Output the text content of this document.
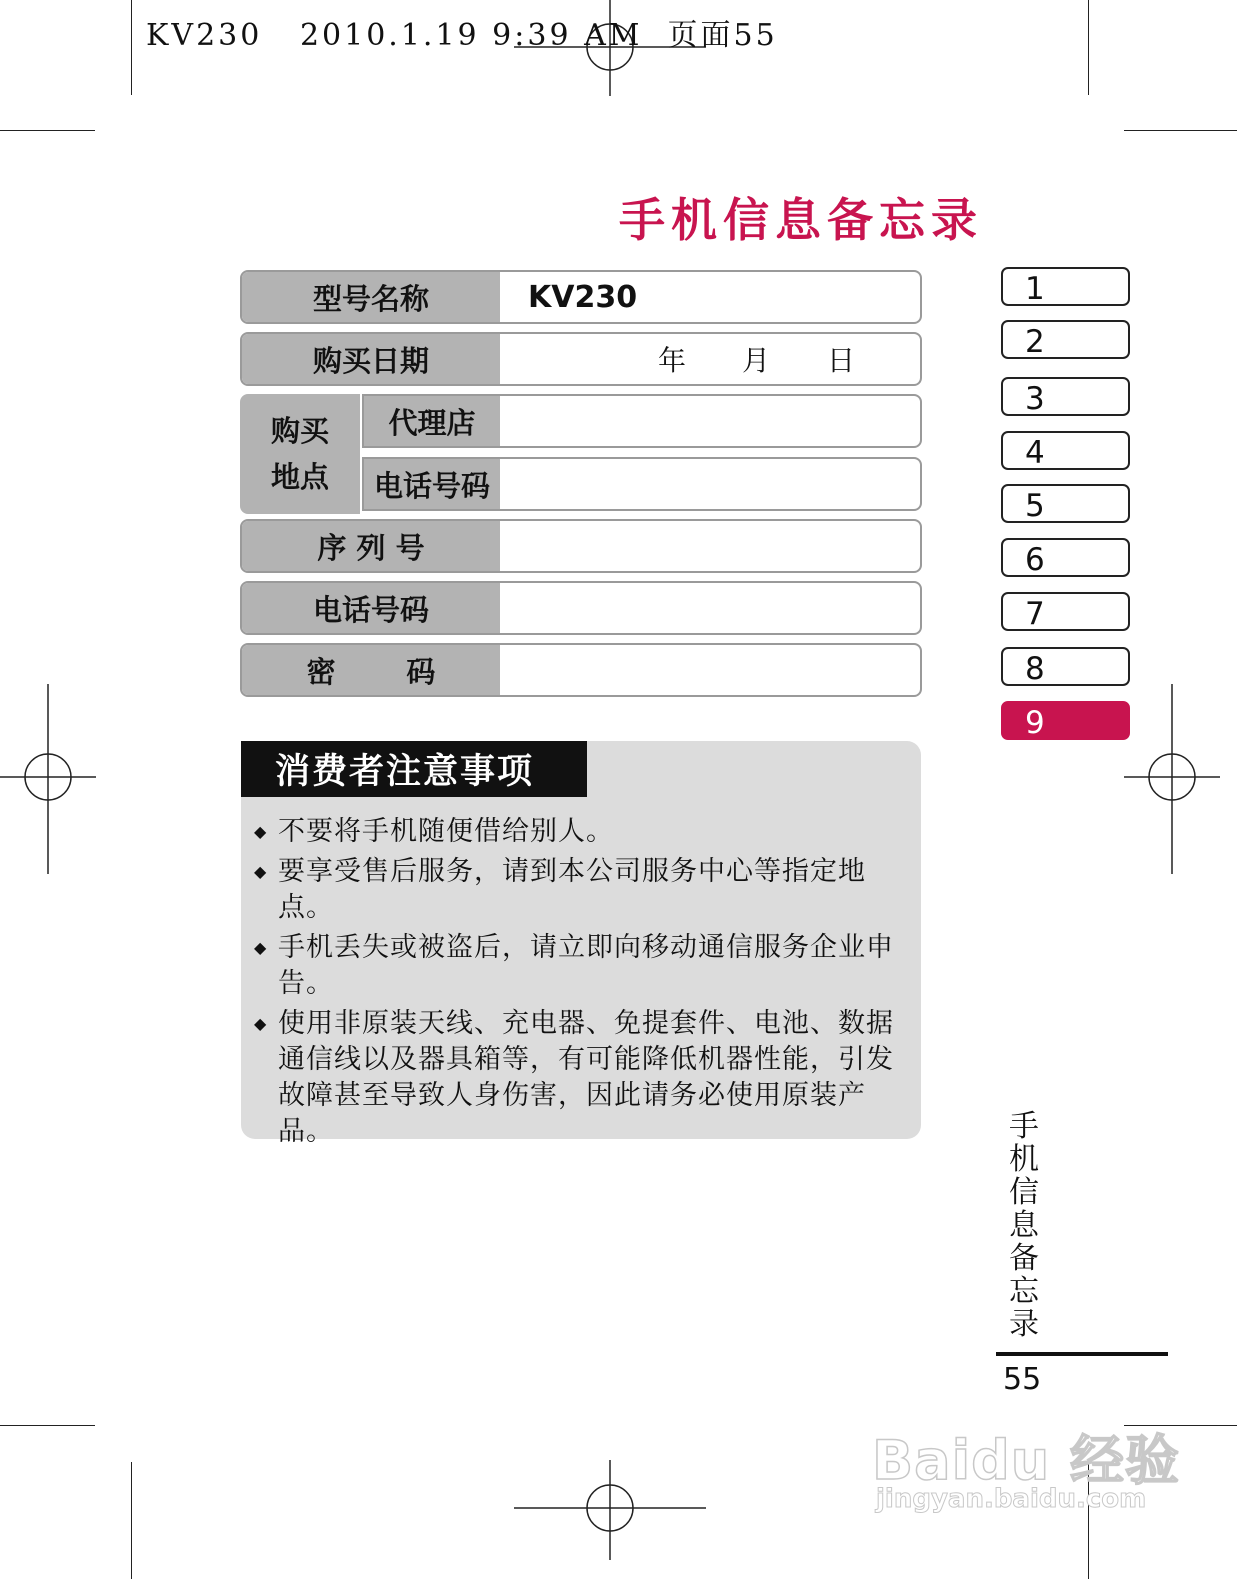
KV230   2010.1.19 9:39 AM  页面55
手机信息备忘录
型号名称	KV230
购买日期	年 月 日
购买
地点
代理店
电话号码
序 列 号
电话号码
密       码
消费者注意事项
◆ 不要将手机随便借给别人。
◆ 要享受售后服务，请到本公司服务中心等指定地点。
◆ 手机丢失或被盗后，请立即向移动通信服务企业申告。
◆ 使用非原装天线、充电器、免提套件、电池、数据通信线以及器具箱等，有可能降低机器性能，引发故障甚至导致人身伤害，因此请务必使用原装产品。
1
2
3
4
5
6
7
8
9
手机信息备忘录
55
Baidu 经验
jingyan.baidu.com
